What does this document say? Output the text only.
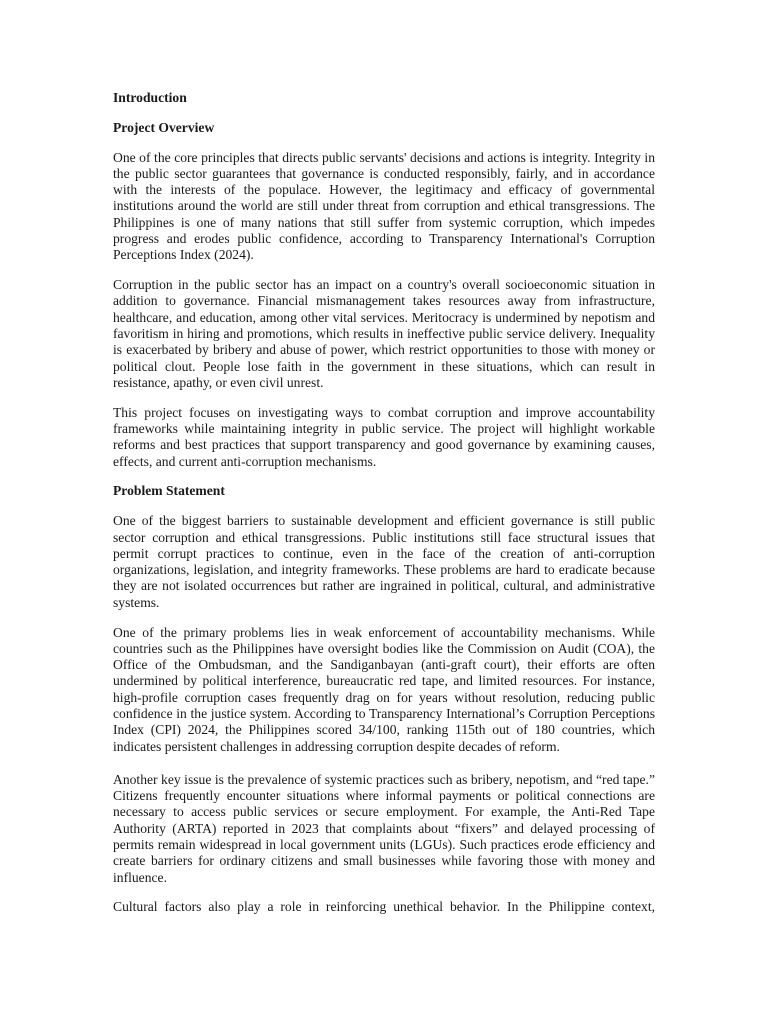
Introduction

Project Overview

One of the core principles that directs public servants' decisions and actions is integrity. Integrity in the public sector guarantees that governance is conducted responsibly, fairly, and in accordance with the interests of the populace. However, the legitimacy and efficacy of governmental institutions around the world are still under threat from corruption and ethical transgressions. The Philippines is one of many nations that still suffer from systemic corruption, which impedes progress and erodes public confidence, according to Transparency International's Corruption Perceptions Index (2024).

Corruption in the public sector has an impact on a country's overall socioeconomic situation in addition to governance. Financial mismanagement takes resources away from infrastructure, healthcare, and education, among other vital services. Meritocracy is undermined by nepotism and favoritism in hiring and promotions, which results in ineffective public service delivery. Inequality is exacerbated by bribery and abuse of power, which restrict opportunities to those with money or political clout. People lose faith in the government in these situations, which can result in resistance, apathy, or even civil unrest.

This project focuses on investigating ways to combat corruption and improve accountability frameworks while maintaining integrity in public service. The project will highlight workable reforms and best practices that support transparency and good governance by examining causes, effects, and current anti-corruption mechanisms.

Problem Statement

One of the biggest barriers to sustainable development and efficient governance is still public sector corruption and ethical transgressions. Public institutions still face structural issues that permit corrupt practices to continue, even in the face of the creation of anti-corruption organizations, legislation, and integrity frameworks. These problems are hard to eradicate because they are not isolated occurrences but rather are ingrained in political, cultural, and administrative systems.

One of the primary problems lies in weak enforcement of accountability mechanisms. While countries such as the Philippines have oversight bodies like the Commission on Audit (COA), the Office of the Ombudsman, and the Sandiganbayan (anti-graft court), their efforts are often undermined by political interference, bureaucratic red tape, and limited resources. For instance, high-profile corruption cases frequently drag on for years without resolution, reducing public confidence in the justice system. According to Transparency International’s Corruption Perceptions Index (CPI) 2024, the Philippines scored 34/100, ranking 115th out of 180 countries, which indicates persistent challenges in addressing corruption despite decades of reform.

Another key issue is the prevalence of systemic practices such as bribery, nepotism, and “red tape.” Citizens frequently encounter situations where informal payments or political connections are necessary to access public services or secure employment. For example, the Anti-Red Tape Authority (ARTA) reported in 2023 that complaints about “fixers” and delayed processing of permits remain widespread in local government units (LGUs). Such practices erode efficiency and create barriers for ordinary citizens and small businesses while favoring those with money and influence.

Cultural factors also play a role in reinforcing unethical behavior. In the Philippine context,
